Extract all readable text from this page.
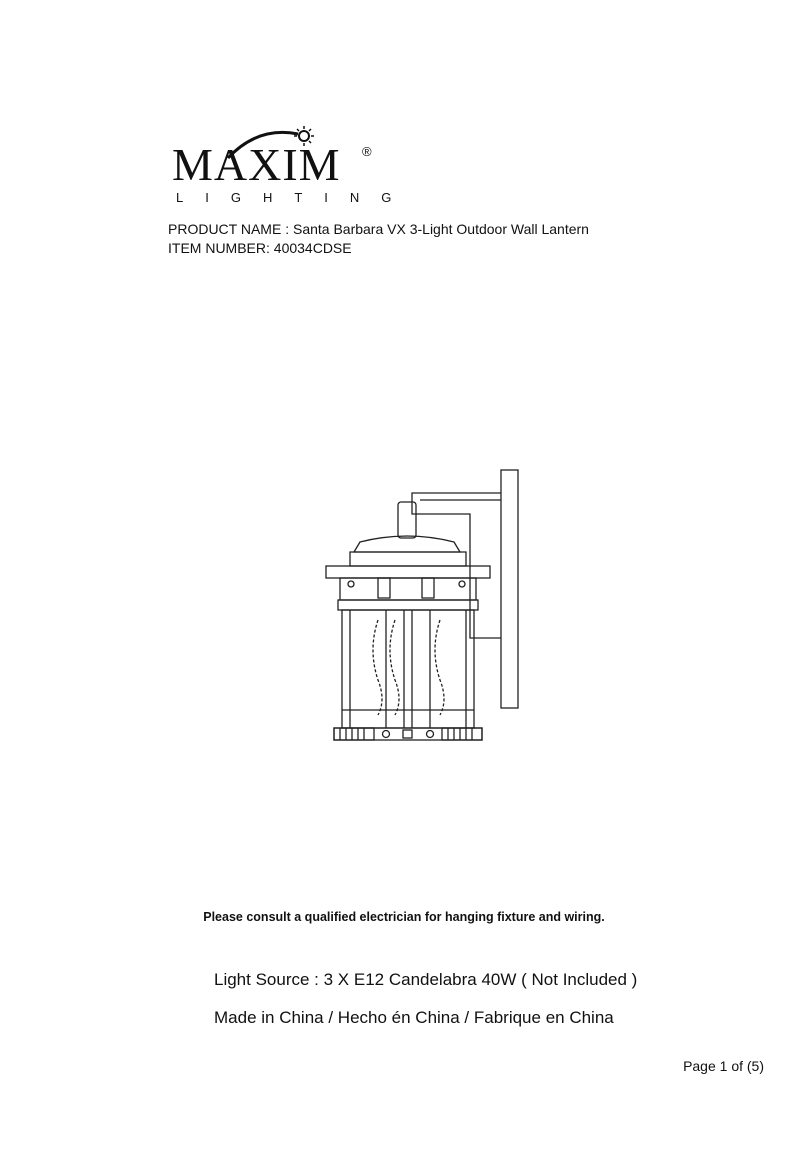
MAXIM ®
LIGHTING
PRODUCT NAME : Santa Barbara VX 3-Light Outdoor Wall Lantern
ITEM NUMBER: 40034CDSE
Please consult a qualified electrician for hanging fixture and wiring.
Light Source : 3 X E12 Candelabra 40W ( Not Included )
Made in China / Hecho én China / Fabrique en China
Page 1 of (5)
